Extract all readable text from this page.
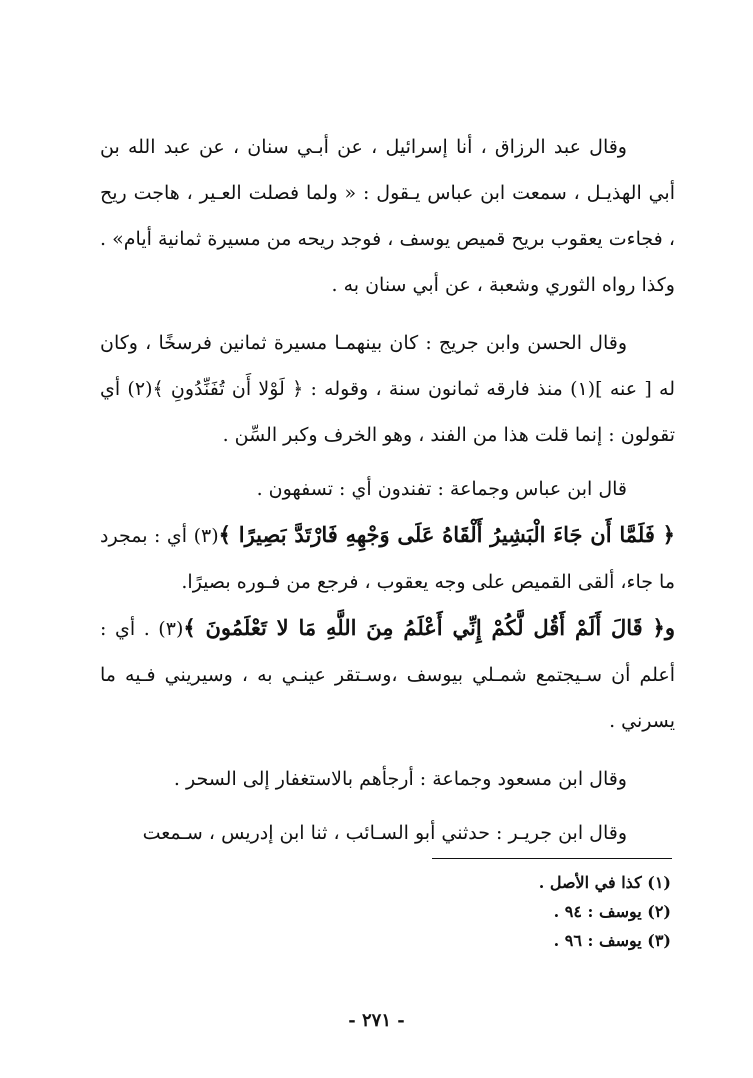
وقال عبد الرزاق ، أنا إسرائيل ، عن أبـي سنان ، عن عبد الله بن أبي الهذيـل ، سمعت ابن عباس يـقول : « ولما فصلت العـير ، هاجت ريح ، فجاءت يعقوب بريح قميص يوسف ، فوجد ريحه من مسيرة ثمانية أيام» . وكذا رواه الثوري وشعبة ، عن أبي سنان به .

وقال الحسن وابن جريج : كان بينهمـا مسيرة ثمانين فرسخًا ، وكان له [ عنه ](١) منذ فارقه ثمانون سنة ، وقوله : ﴿ لَوْلا أَن تُفَنِّدُونِ ﴾(٢) أي تقولون : إنما قلت هذا من الفند ، وهو الخرف وكبر السِّن .

قال ابن عباس وجماعة : تفندون أي : تسفهون .

﴿ فَلَمَّا أَن جَاءَ الْبَشِيرُ أَلْقَاهُ عَلَى وَجْهِهِ فَارْتَدَّ بَصِيرًا ﴾(٣) أي : بمجرد ما جاء، ألقى القميص على وجه يعقوب ، فرجع من فـوره بصيرًا.

و﴿ قَالَ أَلَمْ أَقُل لَّكُمْ إِنِّي أَعْلَمُ مِنَ اللَّهِ مَا لا تَعْلَمُونَ ﴾(٣) . أي : أعلم أن سـيجتمع شمـلي بيوسف ،وسـتقر عينـي به ، وسيريني فـيه ما يسرني .

وقال ابن مسعود وجماعة : أرجأهم بالاستغفار إلى السحر .

وقال ابن جريـر : حدثني أبو السـائب ، ثنا ابن إدريس ، سـمعت

(١) كذا في الأصل .

(٢) يوسف : ٩٤ .

(٣) يوسف : ٩٦ .

- ٢٧١ -
